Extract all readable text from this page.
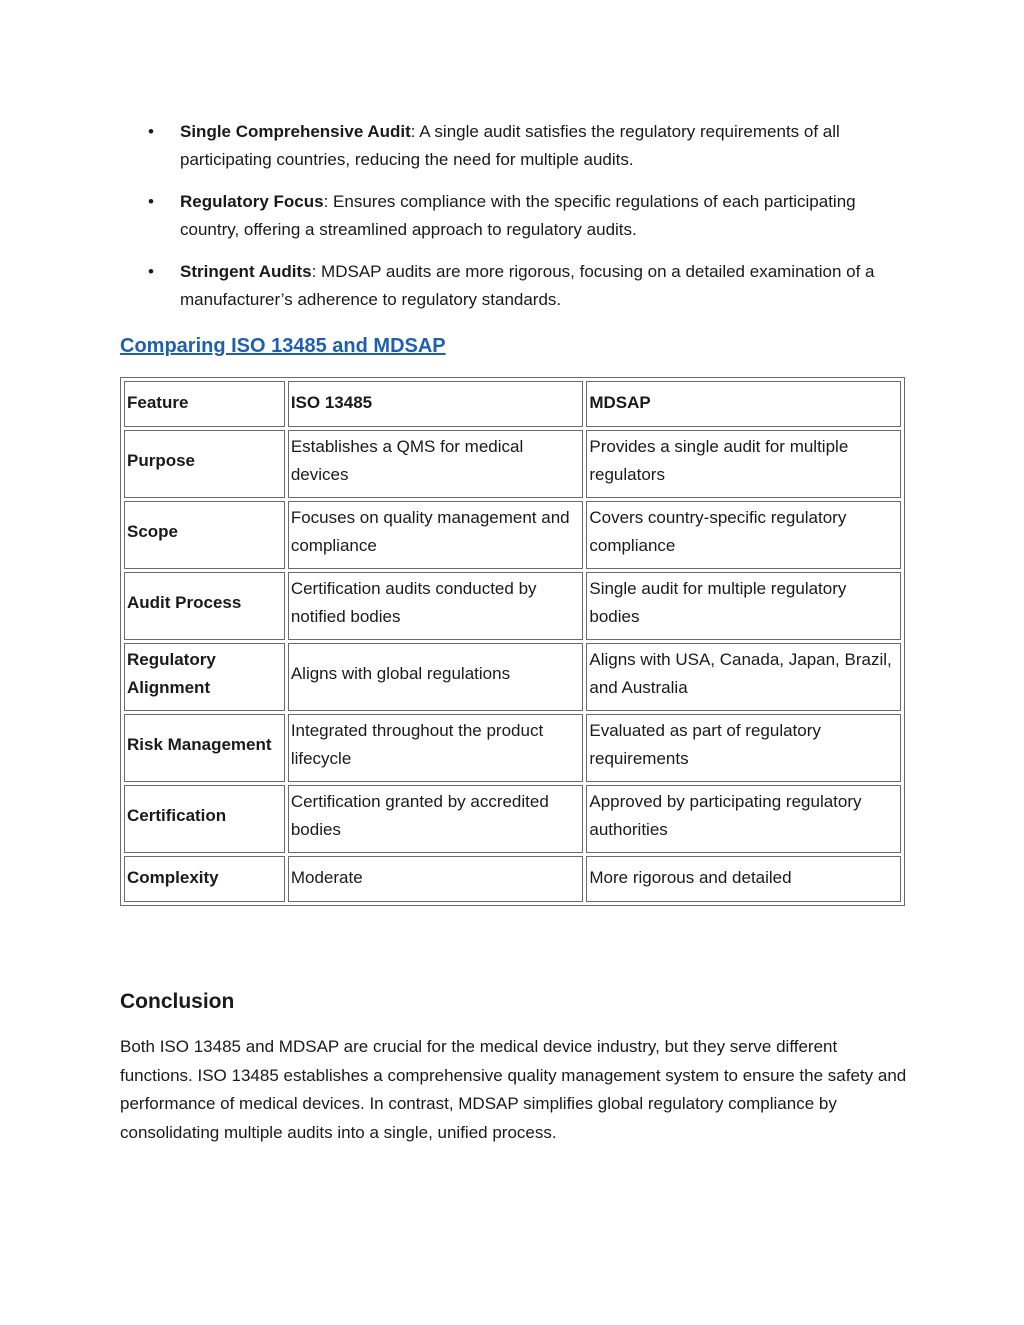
• Single Comprehensive Audit: A single audit satisfies the regulatory requirements of all participating countries, reducing the need for multiple audits.
• Regulatory Focus: Ensures compliance with the specific regulations of each participating country, offering a streamlined approach to regulatory audits.
• Stringent Audits: MDSAP audits are more rigorous, focusing on a detailed examination of a manufacturer’s adherence to regulatory standards.
Comparing ISO 13485 and MDSAP
Feature	ISO 13485	MDSAP
Purpose	Establishes a QMS for medical devices	Provides a single audit for multiple regulators
Scope	Focuses on quality management and compliance	Covers country-specific regulatory compliance
Audit Process	Certification audits conducted by notified bodies	Single audit for multiple regulatory bodies
Regulatory Alignment	Aligns with global regulations	Aligns with USA, Canada, Japan, Brazil, and Australia
Risk Management	Integrated throughout the product lifecycle	Evaluated as part of regulatory requirements
Certification	Certification granted by accredited bodies	Approved by participating regulatory authorities
Complexity	Moderate	More rigorous and detailed
Conclusion

Both ISO 13485 and MDSAP are crucial for the medical device industry, but they serve different functions. ISO 13485 establishes a comprehensive quality management system to ensure the safety and performance of medical devices. In contrast, MDSAP simplifies global regulatory compliance by consolidating multiple audits into a single, unified process.
